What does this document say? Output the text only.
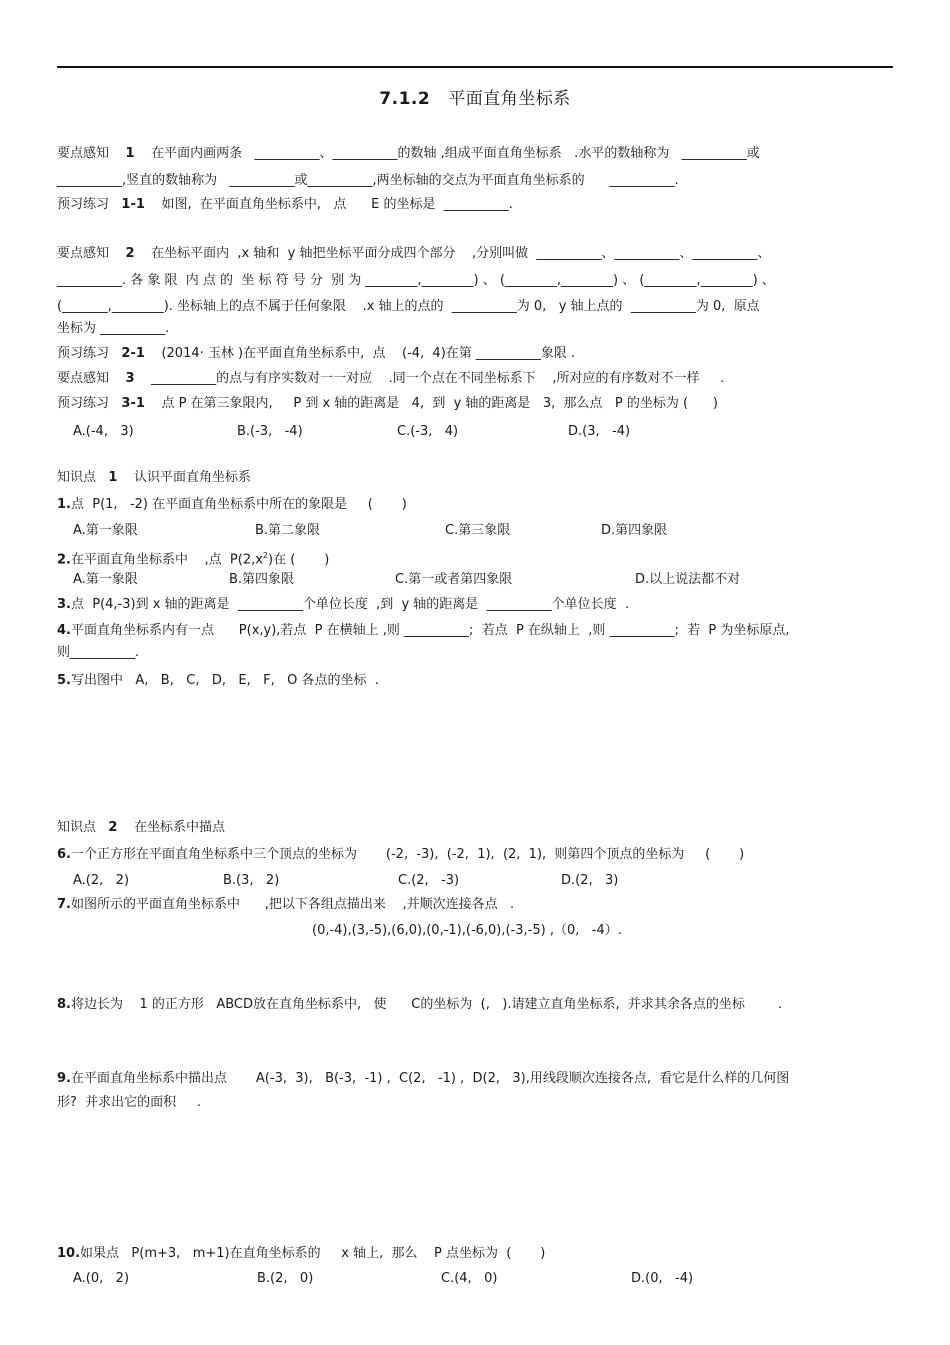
7.1.2 平面直角坐标系
要点感知 1 在平面内画两条   __________、__________的数轴 ,组成平面直角坐标系   .水平的数轴称为   __________或
__________,竖直的数轴称为   __________或__________,两坐标轴的交点为平面直角坐标系的      __________.
预习练习 1-1 如图,  在平面直角坐标系中,   点      E 的坐标是  __________.
要点感知 2 在坐标平面内  ,x 轴和  y 轴把坐标平面分成四个部分    ,分别叫做  __________、__________、__________、
__________. 各 象 限  内 点 的  坐 标 符 号 分  别 为 ________,________) 、 (________,________) 、 (________,________) 、
(_______,________). 坐标轴上的点不属于任何象限    .x 轴上的点的  __________为 0,   y 轴上点的  __________为 0,  原点
坐标为 __________.
预习练习 2-1 (2014· 玉林 )在平面直角坐标系中,  点    (-4,  4)在第 __________象限 .
要点感知 3 __________的点与有序实数对一一对应    .同一个点在不同坐标系下    ,所对应的有序数对不一样     .
预习练习 3-1 点 P 在第三象限内,     P 到 x 轴的距离是   4,  到  y 轴的距离是   3,  那么点   P 的坐标为 (      )
A.(-4,   3)	B.(-3,   -4)	C.(-3,   4)	D.(3,   -4)
知识点 1 认识平面直角坐标系
1.点  P(1,   -2) 在平面直角坐标系中所在的象限是     (       )
A.第一象限	B.第二象限	C.第三象限	D.第四象限
2.在平面直角坐标系中    ,点  $P(2,x^2)$在 (       )
A.第一象限	B.第四象限	C.第一或者第四象限	D.以上说法都不对
3.点  P(4,-3)到 x 轴的距离是  __________个单位长度  ,到  y 轴的距离是  __________个单位长度  .
4.平面直角坐标系内有一点      P(x,y),若点  P 在横轴上 ,则 __________;  若点  P 在纵轴上  ,则 __________;  若  P 为坐标原点,
则__________.
5.写出图中   A,   B,   C,   D,   E,   F,   O 各点的坐标  .
知识点 2 在坐标系中描点
6.一个正方形在平面直角坐标系中三个顶点的坐标为       (-2,  -3),  (-2,  1),  (2,  1),  则第四个顶点的坐标为     (       )
A.(2,   2)	B.(3,   2)	C.(2,   -3)	D.(2,   3)
7.如图所示的平面直角坐标系中      ,把以下各组点描出来    ,并顺次连接各点   .
(0,-4),(3,-5),(6,0),(0,-1),(-6,0),(-3,-5) ,（0,   -4）.
8.将边长为    1 的正方形   ABCD放在直角坐标系中,   使      C的坐标为  (,   ).请建立直角坐标系,  并求其余各点的坐标        .
9.在平面直角坐标系中描出点       A(-3,  3),   B(-3,  -1) ,  C(2,   -1) ,  D(2,   3),用线段顺次连接各点,  看它是什么样的几何图
形?  并求出它的面积     .
10.如果点   P(m+3,   m+1)在直角坐标系的     x 轴上,  那么    P 点坐标为  (       )
A.(0,   2)	B.(2,   0)	C.(4,   0)	D.(0,   -4)
